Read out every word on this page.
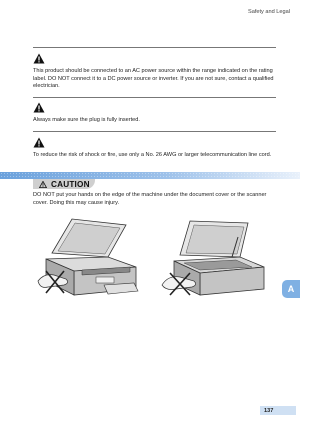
Safety and Legal

This product should be connected to an AC power source within the range indicated on the rating label. DO NOT connect it to a DC power source or inverter. If you are not sure, contact a qualified electrician.

Always make sure the plug is fully inserted.

To reduce the risk of shock or fire, use only a No. 26 AWG or larger telecommunication line cord.

CAUTION

DO NOT put your hands on the edge of the machine under the document cover or the scanner cover. Doing this may cause injury.

A
137
